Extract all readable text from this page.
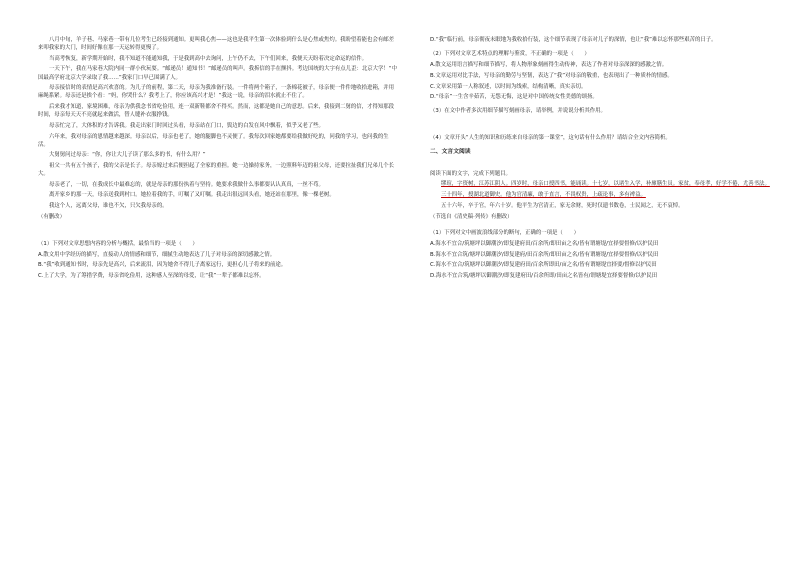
八月中旬，羊子巷、马家巷一带有几位考生已经接到通知。更叫我心焦——这也是我平生第一次体验到什么是心焦或焦灼。我盼望着能也会有邮差来叩我家的大门，时间好像在那一天运转得更慢了。

当高考恢复，新学期开始时，我不知道不能通知我，于是我到高中去询问，上午仍不去，下午们回来，我便天天盼着决定命运的信件。

一天下午，我在马家巷大院内同一群小伙玩耍。“邮递员！通知书！”邮递员的叫声。我拆信的手在颤抖。考边国统的大字有点儿歪：北京大学！“中国最高学府北京大学录取了我……”我家门口早已围满了人。

母亲接信时的表情是高兴欢喜的。为儿子的前程，第二天，母亲为我准备行装。一件将两个箱子，一条棉花被子，母亲便一件件地收拾进箱，并用麻绳系紧。母亲还是挨个看：“妈，你哭什么？我考上了，你应该高兴才是！”我这一说，母亲的泪水就止不住了。

后来我才知道，家境困难，母亲为供我念书省吃俭用，连一双新鞋都舍不得买。然而，这都是她自己的意思。后来，我接到二舅的信，才得知那段时间，母亲每天天不亮就起来做活，替人缝补衣服挣钱。

母亲忙完了，大体积的才告诉我。我走出家门时回过头看，母亲站在门口，鬓边的白发在风中飘着，似乎又老了些。

六年来，我对母亲的恩情越来越深。母亲以后，母亲也老了，她的腿脚也不灵便了。我每次回家她都要给我做好吃的，问我的学习，也问我的生活。

大舅舅问过母亲：“你，你让大儿子读了那么多的书，有什么用？”

祖父一共有五个孩子，我的父亲是长子。母亲嫁过来后便担起了全家的重担。她一边操持家务，一边照料年迈的祖父母，还要拉扯我们兄弟几个长大。

母亲老了，一切，在我成长中最难忘的，就是母亲的那份执着与坚持。她要求我做什么事都要认认真真，一丝不苟。

离开家乡的那一天，母亲送我到村口。她拉着我的手，叮嘱了又叮嘱。我走出很远回头看，她还站在那里，像一棵老树。

我这个人，远离父母，谁也不欠，只欠我母亲的。

（有删改）

（1）下列对文章思想内容的分析与概括，最恰当的一项是（　　）

A.散文用中学经历的描写，直接动人的情感和细节，细腻生动地表达了儿子对母亲的深切感激之情。

B.“我”收到通知书时，母亲先是高兴，后来流泪，因为她舍不得儿子离家远行，更担心儿子将来的前途。

C.上了大学，为了筹措学费，母亲省吃俭用，这种感人至深的母爱，让“我”一辈子都难以忘怀。

D.“我”临行前，母亲彻夜未眠地为我收拾行装，这个细节表现了母亲对儿子的深情，也让“我”难以忘怀那些艰苦的日子。

（2）下列对文章艺术特点的理解与鉴赏，不正确的一项是（　　）

A.散文运用语言描写和细节描写，将人物形象刻画得生动传神，表达了作者对母亲深深的感激之情。

B.文章运用对比手法，写母亲的勤劳与坚韧，表达了“我”对母亲的敬重，也表现出了一种质朴的情感。

C.文章采用第一人称叙述，以时间为线索，结构清晰，真实亲切。

D.“母亲”一生含辛茹苦，无怨无悔，这是对中国传统女性美德的颂扬。

（3）在文中作者多次用细节描写刻画母亲，请举例，并说说分析其作用。

（4）文章开头“人生的知识和历练来自母亲的第一课堂”，这句话有什么作用？请结合全文内容简析。

二、文言文阅读

阅读下面的文字，完成下列题目。

缪瑄，字资树，江苏江阴人。四岁时，母亲口授四书，能诵读。十七岁，以诸生入学，补廪膳生员。家贫，奉母孝，好学不倦，尤善书法。

三十四年，授湖北道御史。他为官清廉，敢于直言，不畏权贵，上疏论事，多有裨益。

五十六年，卒于官，年六十岁。他平生为官清正，家无余财，死时仅遗书数卷，士民闻之，无不哀悼。

（节选自《清史稿·列传》有删改）

（1）下列对文中画波浪线部分的断句，正确的一项是（　　）

A.海水不宜合/筑塘坪以御潮汐/即复建府田/百余所/即田亩之名/皆有谓塘堤/宜择要督修/以护民田

B.海水不宜合筑/塘坪以御潮汐/即复建府/田百余所/即田亩之名/皆有谓塘堤/宜择要督修/以护民田

C.海水不宜合/筑塘坪以御潮汐/即复建府田/百余所即田/亩之名/皆有谓塘堤宜择要/督修以护民田

D.海水不宜合筑/塘坪以御潮汐/即复建府田/百余所即/田亩之名皆有/谓塘堤宜择要督修/以护民田
